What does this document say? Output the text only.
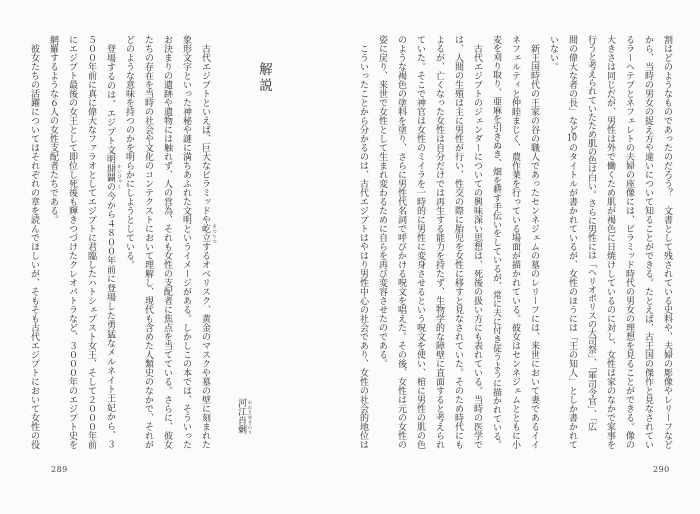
解説
河江肖剰 かわえゆきのり

　古代エジプトといえば、巨大なピラミッドや屹立 きつりつ
するオベリスク、黄金のマスクや墓の壁に刻まれた

象形文字といった神秘や謎に満ちあふれた文明というイメージがある。しかしこの本では、そういった

お決まりの遺跡や遺物には触れず、人の営為、それも女性の支配者に焦点を当てている。さらに、彼女

たちの存在を当時の社会や文化のコンテクストにおいて理解し、現代も含めた人類史のなかで、それが

どのような意味を持つのかを明らかにしようとしている。

　登場するのは、エジプト文明開闢 かいびゃく
の今から４８００年前に登場した勇猛なメルネイト王妃から、３

５００年前に真に偉大なファラオとしてエジプトに君臨したハトシェプスト女王、そして２０００年前

にエジプト最後の女王として即位し死後も輝きつづけたクレオパトラなど、３０００年のエジプト史を

網羅するような６人の女性支配者たちである。

　彼女たちの活躍についてはそれぞれの章を読んでほしいが、そもそも古代エジプトにおいて女性の役

289

割はどのようなものであったのだろう？　文書として残されている史料や、夫婦の彫像やレリーフなど

から、当時の男女の捉え方や違いについて知ることができる。たとえば、古王国の傑作と見なされてい

るラーヘテプとネフェレトの夫婦の座像には、ピラミッド時代の男女の理想を見ることができる。像の

大きさは同じだが、男性は外で働くため肌が褐色に日焼けしているのに対し、女性は家のなかで家事を

行うと考えられていたため肌の色は白い。さらに男性には「ヘリオポリスの大司祭」、「軍司令官」、「広

間の偉大な者の長」など10のタイトルが書かれているが、女性のほうには「王の知人」としか書かれて

いない。

　新王国時代の王家の谷の職人であったセンネジェムの墓のレリーフには、来世において妻であるイイ

ネフェルティと仲睦まじく、農作業を行っている場面が描かれている。彼女はセンネジェムとともに小

麦を刈り取り、亜麻を引きぬき、畑を耕す手伝いをしているが、常に夫に付き従うように描かれている。

　古代エジプトのジェンダーについての興味深い思想は、死後の扱い方にも表れている。当時の医学で

は、人間の生殖は主に男性が行い、性交の際に胎児を女性に移すと見なされていた。そのため時代にも

よるが、亡くなった女性は自分だけでは再生する能力を持たず、生物学的な障壁に直面すると考えられ

ていた。そこで神官は女性のミイラを一時的に男性に変身させるという呪文を使い、棺に男性の肌の色

のような褐色の塗料を塗り、さらに男性代名詞で呼びかける呪文を唱えた。その後、女性は元の女性の

姿に戻り、来世で女性として生まれ変わるために自らを再び変容させたのである。

　こういったことから分かるのは、古代エジプトはやはり男性中心の社会であり、女性の社会的地位は

290
